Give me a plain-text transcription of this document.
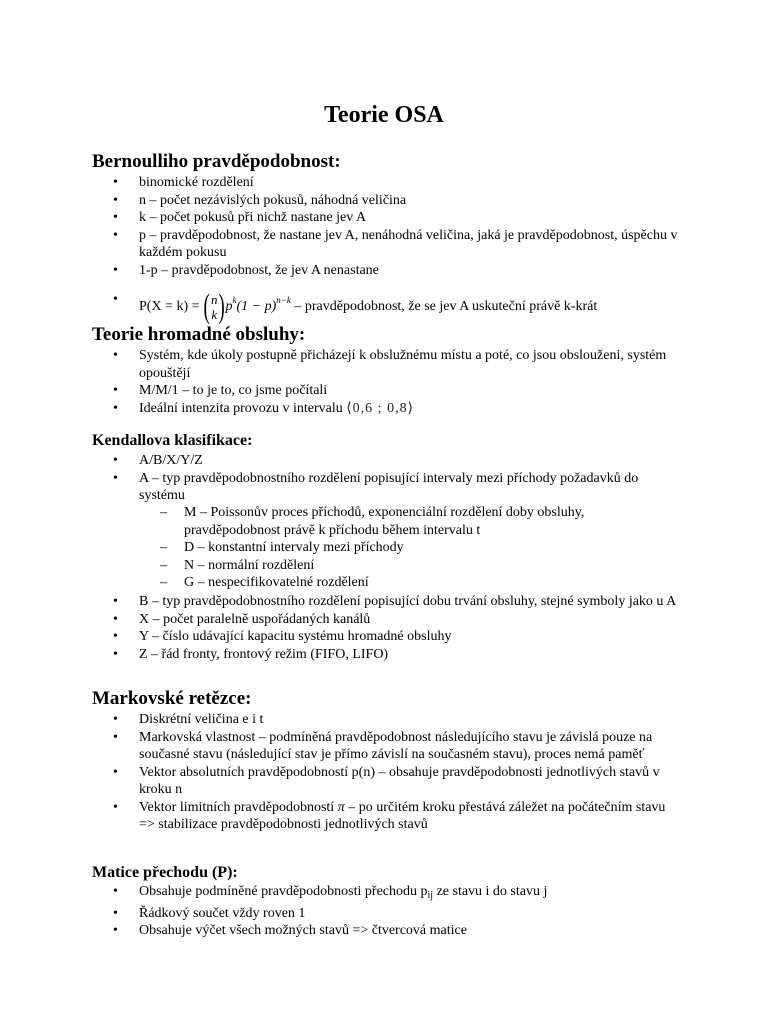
Teorie OSA
Bernoulliho pravděpodobnost:
• binomické rozdělení
• n – počet nezávislých pokusů, náhodná veličina
• k – počet pokusů při nichž nastane jev A
• p – pravděpodobnost, že nastane jev A, nenáhodná veličina, jaká je pravděpodobnost, úspěchu v každém pokusu
• 1-p – pravděpodobnost, že jev A nenastane
• P(X = k) = ( n
k ) $p^k(1 - p)^{n-k}$ – pravděpodobnost, že se jev A uskuteční právě k-krát
Teorie hromadné obsluhy:
• Systém, kde úkoly postupně přicházejí k obslužnému místu a poté, co jsou obslouženi, systém opouštějí
• M/M/1 – to je to, co jsme počítali
• Ideální intenzita provozu v intervalu ⟨0,6 ; 0,8⟩
Kendallova klasifikace:
• A/B/X/Y/Z
• A – typ pravděpodobnostního rozdělení popisující intervaly mezi příchody požadavků do systému
– M – Poissonův proces příchodů, exponenciální rozdělení doby obsluhy, pravděpodobnost právě k příchodu během intervalu t
– D – konstantní intervaly mezi příchody
– N – normální rozdělení
– G – nespecifikovatelné rozdělení
• B – typ pravděpodobnostního rozdělení popisující dobu trvání obsluhy, stejné symboly jako u A
• X – počet paralelně uspořádaných kanálů
• Y – číslo udávající kapacitu systému hromadné obsluhy
• Z – řád fronty, frontový režim (FIFO, LIFO)
Markovské retězce:
• Diskrétní veličina e i t
• Markovská vlastnost – podmíněná pravděpodobnost následujícího stavu je závislá pouze na současné stavu (následující stav je přímo závislí na současném stavu), proces nemá paměť
• Vektor absolutních pravděpodobností p(n) – obsahuje pravděpodobnosti jednotlivých stavů v kroku n
• Vektor limitních pravděpodobností π – po určitém kroku přestává záležet na počátečním stavu => stabilizace pravděpodobnosti jednotlivých stavů
Matice přechodu (P):
• Obsahuje podmíněné pravděpodobnosti přechodu $p_{ij}$ ze stavu i do stavu j
• Řádkový součet vždy roven 1
• Obsahuje výčet všech možných stavů => čtvercová matice
